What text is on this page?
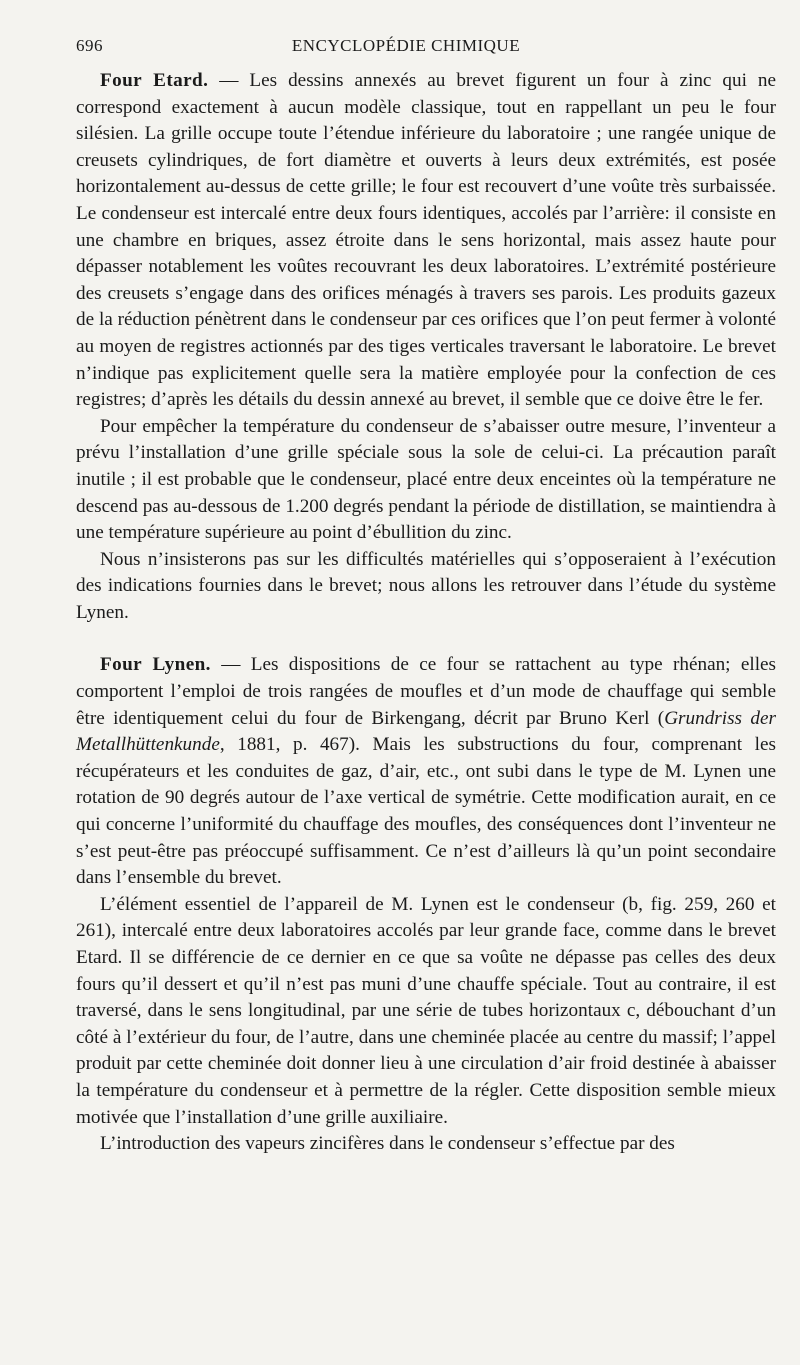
696	ENCYCLOPÉDIE CHIMIQUE

Four Etard. — Les dessins annexés au brevet figurent un four à zinc qui ne correspond exactement à aucun modèle classique, tout en rappellant un peu le four silésien. La grille occupe toute l’étendue inférieure du laboratoire ; une rangée unique de creusets cylindriques, de fort diamètre et ouverts à leurs deux extrémités, est posée horizontalement au-dessus de cette grille; le four est recouvert d’une voûte très surbaissée. Le condenseur est intercalé entre deux fours identiques, accolés par l’arrière: il consiste en une chambre en briques, assez étroite dans le sens horizontal, mais assez haute pour dépasser notablement les voûtes recouvrant les deux laboratoires. L’extrémité postérieure des creusets s’engage dans des orifices ménagés à travers ses parois. Les produits gazeux de la réduction pénètrent dans le condenseur par ces orifices que l’on peut fermer à volonté au moyen de registres actionnés par des tiges verticales traversant le laboratoire. Le brevet n’indique pas explicitement quelle sera la matière employée pour la confection de ces registres; d’après les détails du dessin annexé au brevet, il semble que ce doive être le fer.

Pour empêcher la température du condenseur de s’abaisser outre mesure, l’inventeur a prévu l’installation d’une grille spéciale sous la sole de celui-ci. La précaution paraît inutile ; il est probable que le condenseur, placé entre deux enceintes où la température ne descend pas au-dessous de 1.200 degrés pendant la période de distillation, se maintiendra à une température supérieure au point d’ébullition du zinc.

Nous n’insisterons pas sur les difficultés matérielles qui s’opposeraient à l’exécution des indications fournies dans le brevet; nous allons les retrouver dans l’étude du système Lynen.

Four Lynen. — Les dispositions de ce four se rattachent au type rhénan; elles comportent l’emploi de trois rangées de moufles et d’un mode de chauffage qui semble être identiquement celui du four de Birkengang, décrit par Bruno Kerl (Grundriss der Metallhüttenkunde, 1881, p. 467). Mais les substructions du four, comprenant les récupérateurs et les conduites de gaz, d’air, etc., ont subi dans le type de M. Lynen une rotation de 90 degrés autour de l’axe vertical de symétrie. Cette modification aurait, en ce qui concerne l’uniformité du chauffage des moufles, des conséquences dont l’inventeur ne s’est peut-être pas préoccupé suffisamment. Ce n’est d’ailleurs là qu’un point secondaire dans l’ensemble du brevet.

L’élément essentiel de l’appareil de M. Lynen est le condenseur (b, fig. 259, 260 et 261), intercalé entre deux laboratoires accolés par leur grande face, comme dans le brevet Etard. Il se différencie de ce dernier en ce que sa voûte ne dépasse pas celles des deux fours qu’il dessert et qu’il n’est pas muni d’une chauffe spéciale. Tout au contraire, il est traversé, dans le sens longitudinal, par une série de tubes horizontaux c, débouchant d’un côté à l’extérieur du four, de l’autre, dans une cheminée placée au centre du massif; l’appel produit par cette cheminée doit donner lieu à une circulation d’air froid destinée à abaisser la température du condenseur et à permettre de la régler. Cette disposition semble mieux motivée que l’installation d’une grille auxiliaire.

L’introduction des vapeurs zincifères dans le condenseur s’effectue par des
